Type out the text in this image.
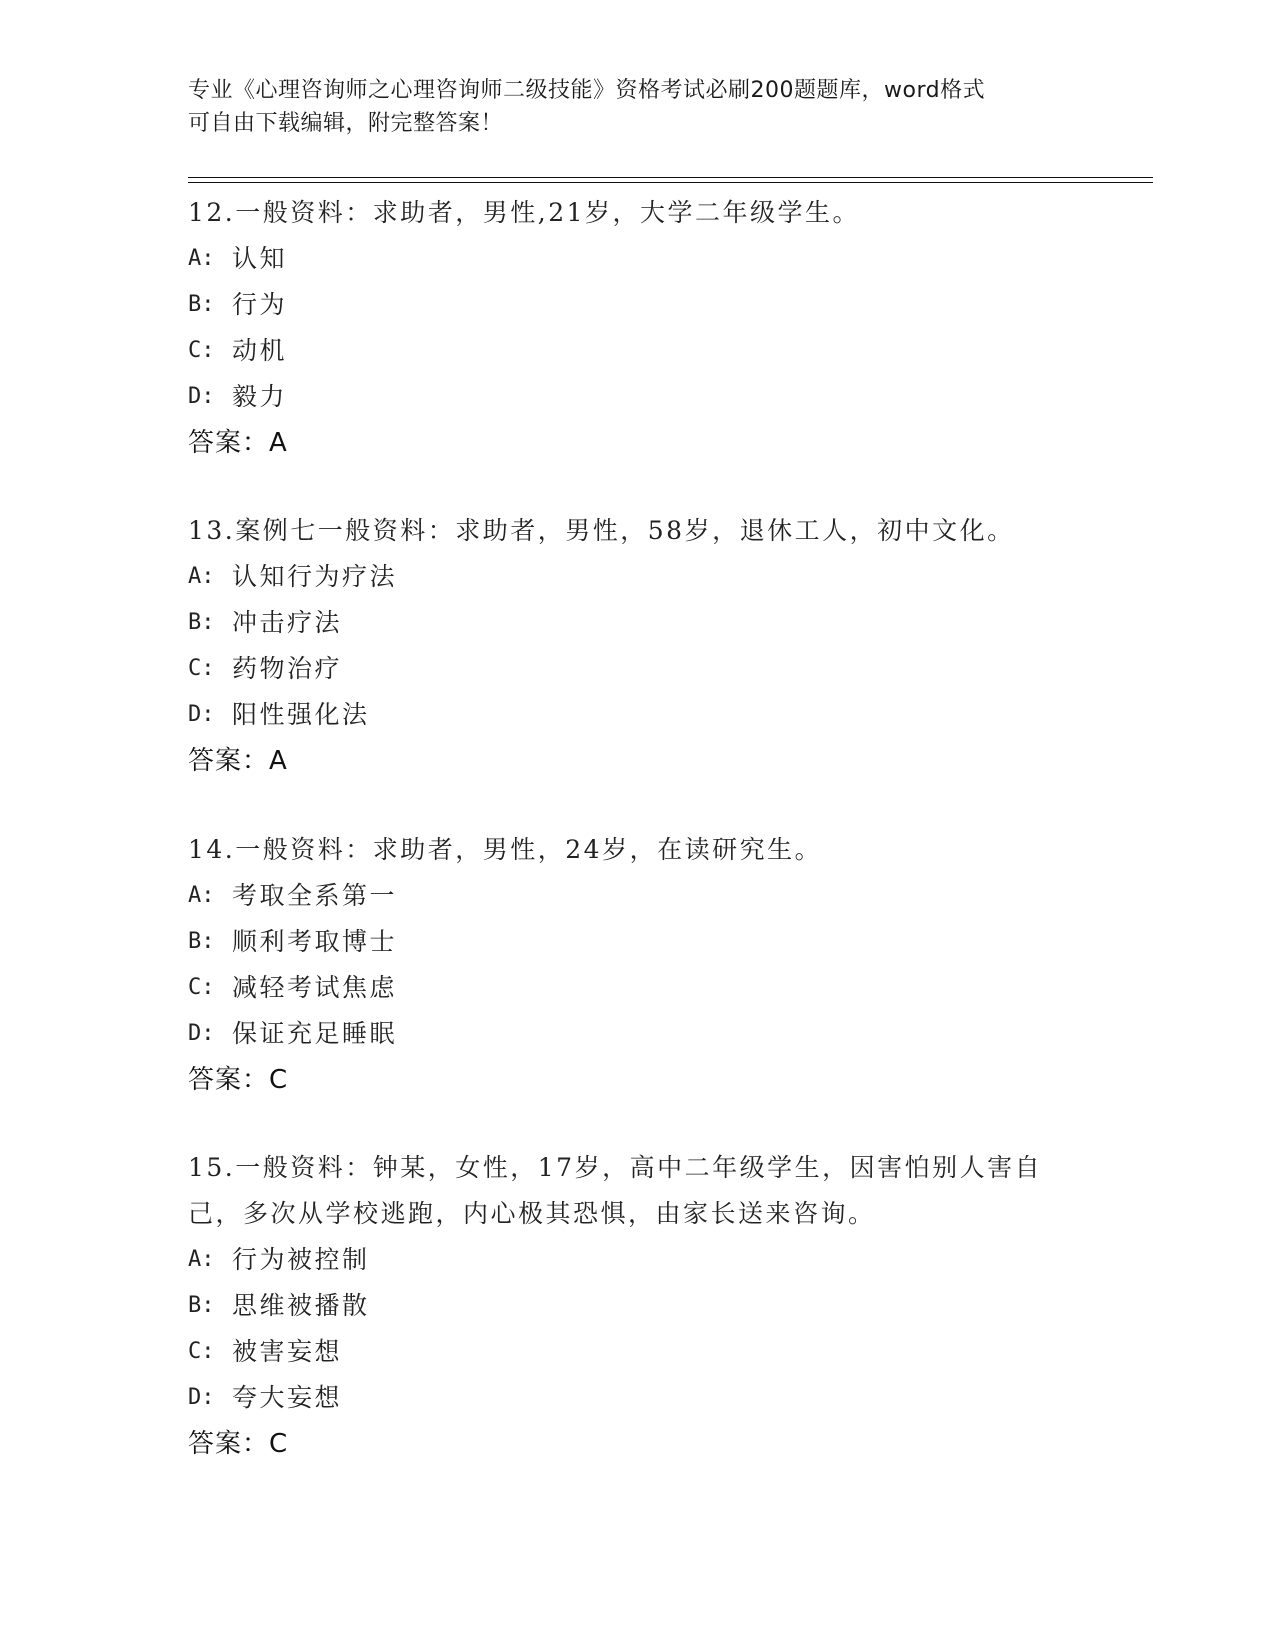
专业《心理咨询师之心理咨询师二级技能》资格考试必刷200题题库，word格式
可自由下载编辑，附完整答案！

12.一般资料：求助者，男性,21岁，大学二年级学生。

A: 认知

B: 行为

C: 动机

D: 毅力

答案：A

13.案例七一般资料：求助者，男性，58岁，退休工人，初中文化。

A: 认知行为疗法

B: 冲击疗法

C: 药物治疗

D: 阳性强化法

答案：A

14.一般资料：求助者，男性，24岁，在读研究生。

A: 考取全系第一

B: 顺利考取博士

C: 减轻考试焦虑

D: 保证充足睡眠

答案：C

15.一般资料：钟某，女性，17岁，高中二年级学生，因害怕别人害自

己，多次从学校逃跑，内心极其恐惧，由家长送来咨询。

A: 行为被控制

B: 思维被播散

C: 被害妄想

D: 夸大妄想

答案：C
